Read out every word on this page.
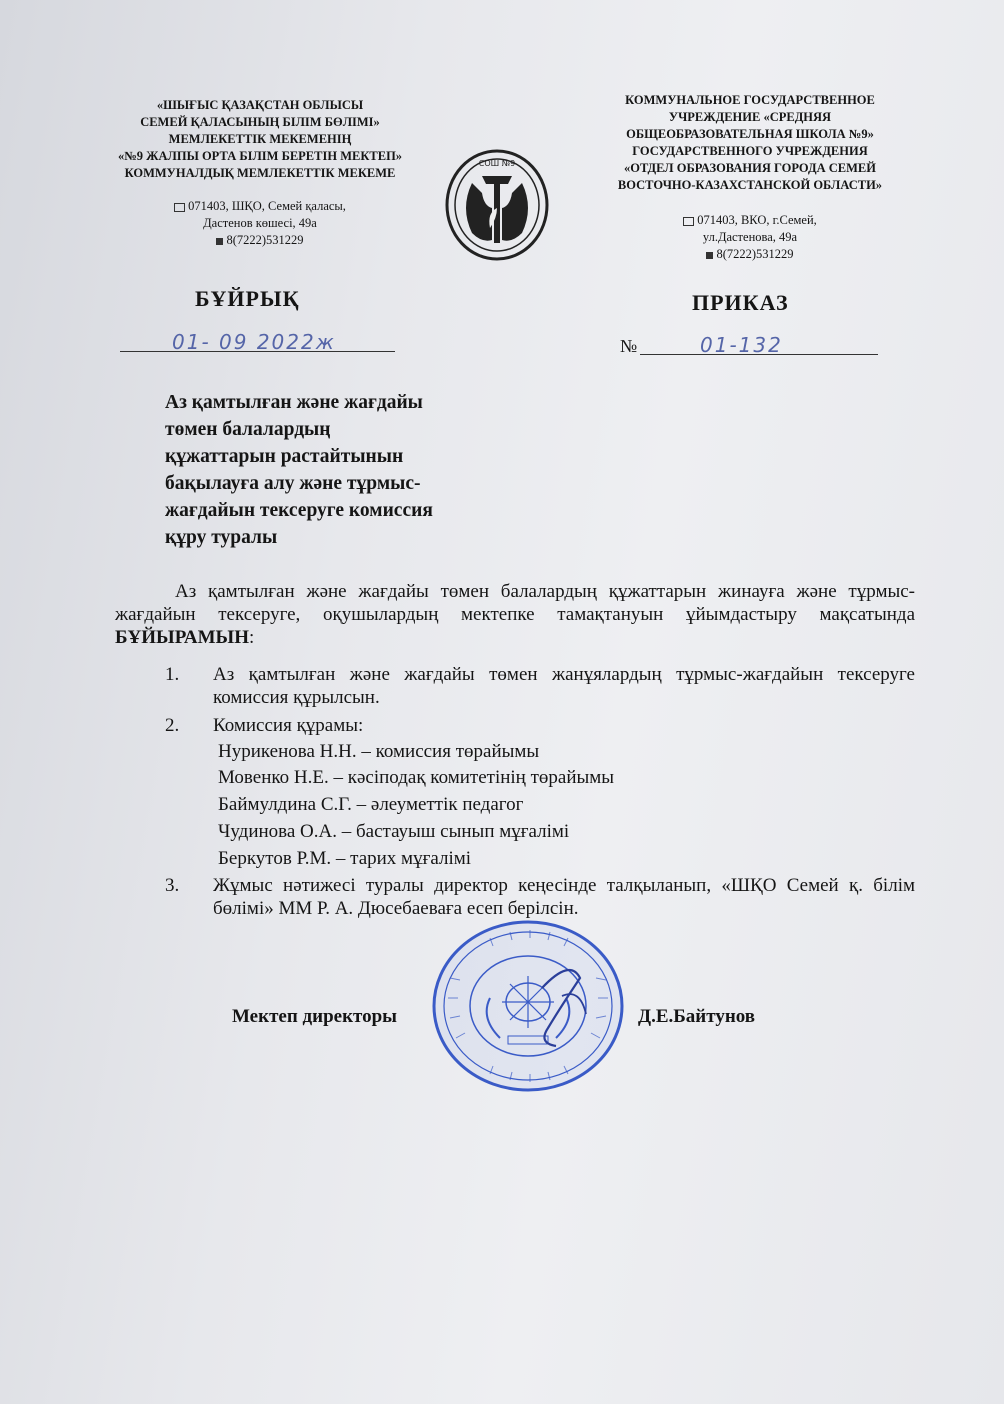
«ШЫҒЫС ҚАЗАҚСТАН ОБЛЫСЫ
СЕМЕЙ ҚАЛАСЫНЫҢ БІЛІМ БӨЛІМІ»
МЕМЛЕКЕТТІК МЕКЕМЕНІҢ
«№9 ЖАЛПЫ ОРТА БІЛІМ БЕРЕТІН МЕКТЕП»
КОММУНАЛДЫҚ МЕМЛЕКЕТТІК МЕКЕМЕ
071403, ШҚО, Семей қаласы,
Дастенов көшесі, 49а
8(7222)531229
СОШ №9
КОММУНАЛЬНОЕ ГОСУДАРСТВЕННОЕ
УЧРЕЖДЕНИЕ «СРЕДНЯЯ
ОБЩЕОБРАЗОВАТЕЛЬНАЯ ШКОЛА №9»
ГОСУДАРСТВЕННОГО УЧРЕЖДЕНИЯ
«ОТДЕЛ ОБРАЗОВАНИЯ ГОРОДА СЕМЕЙ
ВОСТОЧНО-КАЗАХСТАНСКОЙ ОБЛАСТИ»
071403, ВКО, г.Семей,
ул.Дастенова, 49а
8(7222)531229
БҰЙРЫҚ	ПРИКАЗ
01- 09 2022ж	№	01-132
Аз қамтылған және жағдайы
төмен балалардың
құжаттарын растайтынын
бақылауға алу және тұрмыс-
жағдайын тексеруге комиссия
құру туралы
Аз қамтылған және жағдайы төмен балалардың құжаттарын жинауға және тұрмыс-жағдайын тексеруге, оқушылардың мектепке тамақтануын ұйымдастыру мақсатында БҰЙЫРАМЫН:
1. Аз қамтылған және жағдайы төмен жанұялардың тұрмыс-жағдайын тексеруге комиссия құрылсын.
2. Комиссия құрамы:
Нурикенова Н.Н. – комиссия төрайымы
Мовенко Н.Е. – кәсіподақ комитетінің төрайымы
Баймулдина С.Г. – әлеуметтік педагог
Чудинова О.А. – бастауыш сынып мұғалімі
Беркутов Р.М. – тарих мұғалімі
3. Жұмыс нәтижесі туралы директор кеңесінде талқыланып, «ШҚО Семей қ. білім бөлімі» ММ Р. А. Дюсебаеваға есеп берілсін.
Мектеп директоры	Д.Е.Байтунов
